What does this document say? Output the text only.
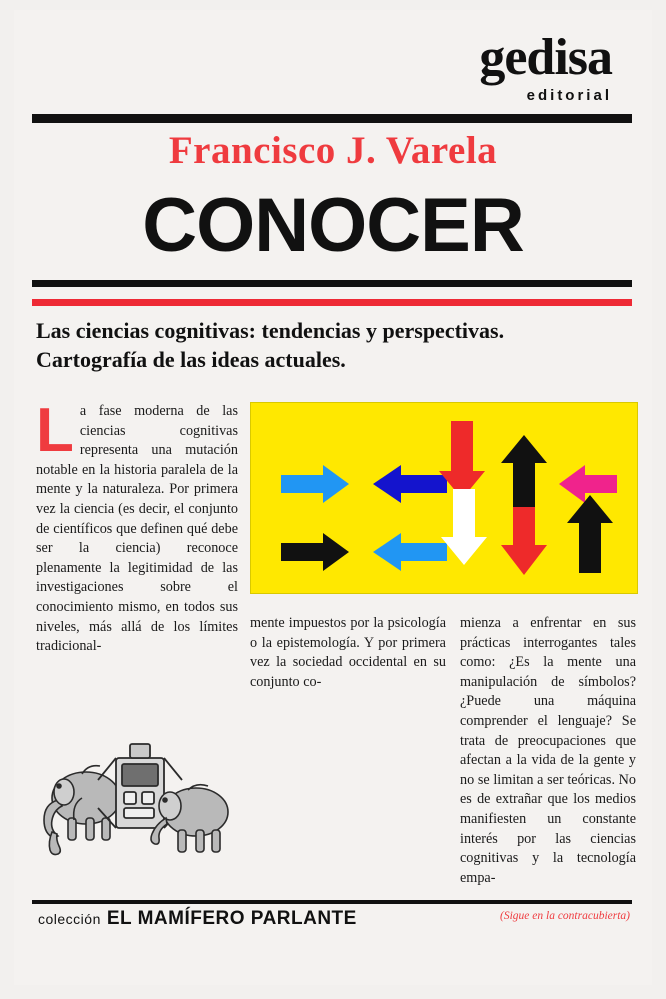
gedisa
editorial
Francisco J. Varela
CONOCER
Las ciencias cognitivas: tendencias y perspectivas.
Cartografía de las ideas actuales.
La fase moderna de las ciencias cognitivas representa una mutación notable en la historia paralela de la mente y la naturaleza. Por primera vez la ciencia (es decir, el conjunto de científicos que definen qué debe ser la ciencia) reconoce plenamente la legitimidad de las investigaciones sobre el conocimiento mismo, en todos sus niveles, más allá de los límites tradicional-
mente impuestos por la psicología o la epistemología. Y por primera vez la sociedad occidental en su conjunto co-
mienza a enfrentar en sus prácticas interrogantes tales como: ¿Es la mente una manipulación de símbolos? ¿Puede una máquina comprender el lenguaje? Se trata de preocupaciones que afectan a la vida de la gente y no se limitan a ser teóricas. No es de extrañar que los medios manifiesten un constante interés por las ciencias cognitivas y la tecnología empa-
colección EL MAMÍFERO PARLANTE	(Sigue en la contracubierta)
